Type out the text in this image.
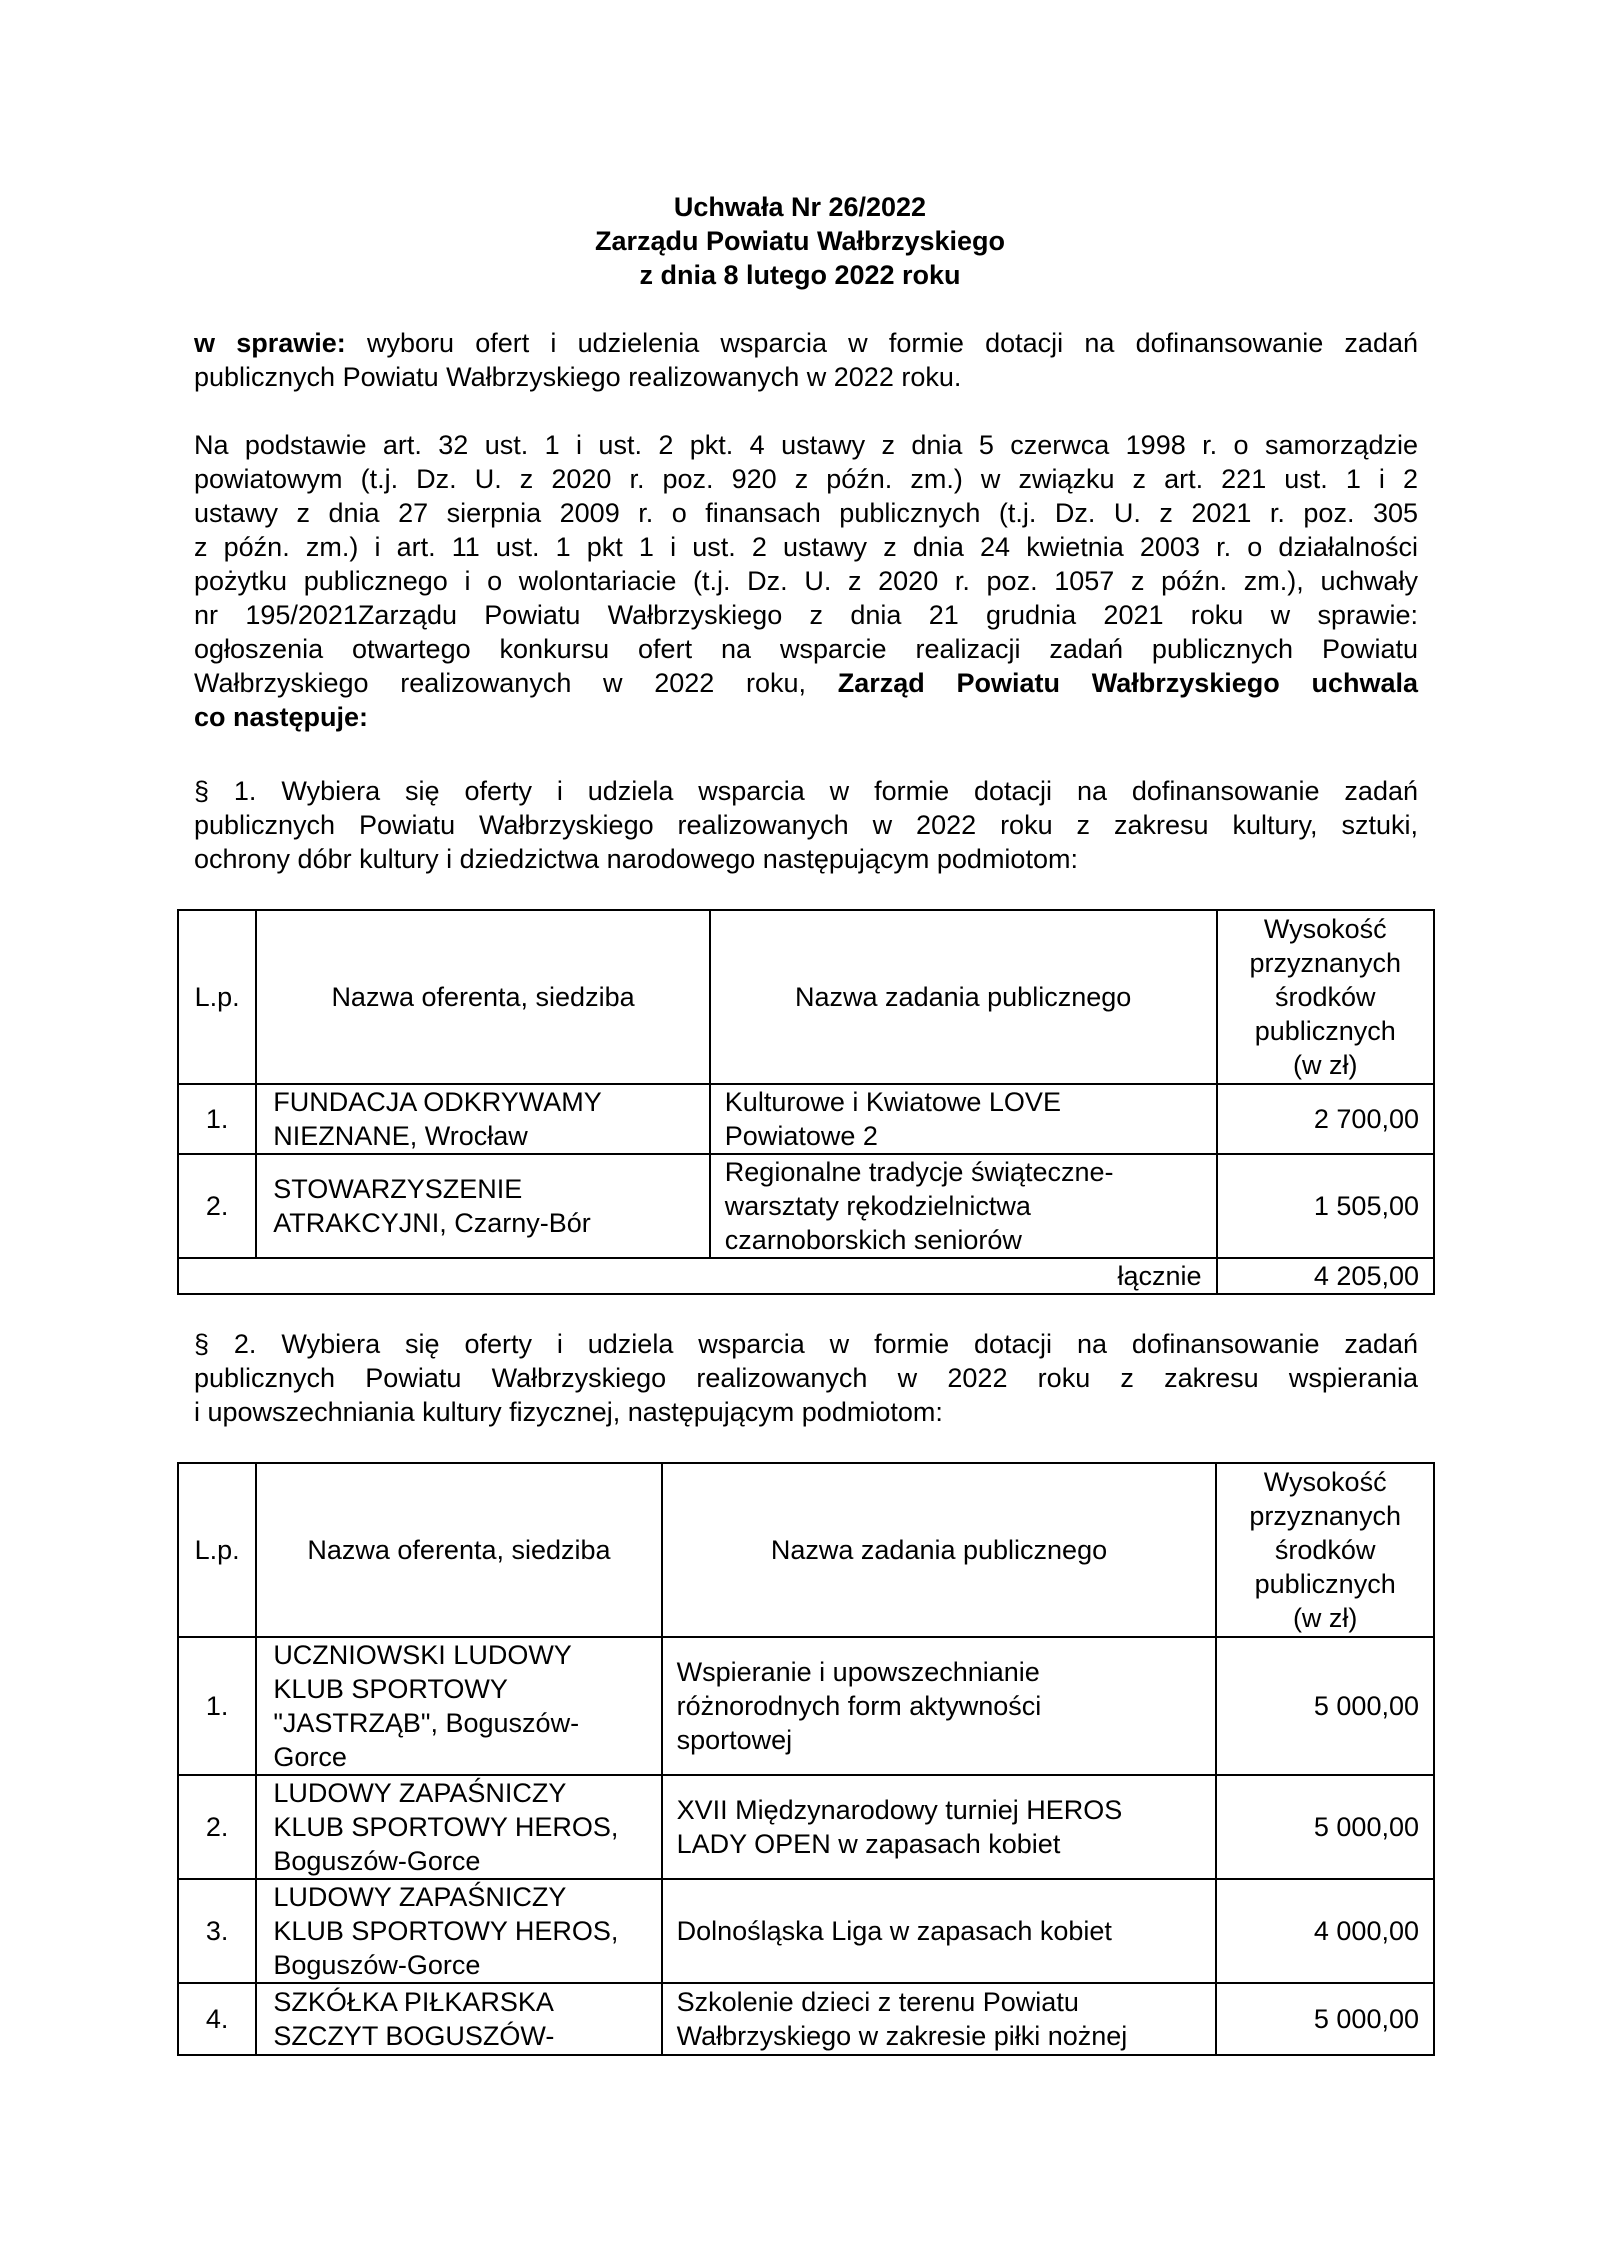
Uchwała Nr 26/2022
Zarządu Powiatu Wałbrzyskiego
z dnia 8 lutego 2022 roku
w sprawie: wyboru ofert i udzielenia wsparcia w formie dotacji na dofinansowanie zadań
publicznych Powiatu Wałbrzyskiego realizowanych w 2022 roku.
Na podstawie art. 32 ust. 1 i ust. 2 pkt. 4 ustawy z dnia 5 czerwca 1998 r. o samorządzie
powiatowym (t.j. Dz. U. z 2020 r. poz. 920 z późn. zm.) w związku z art. 221 ust. 1 i 2
ustawy z dnia 27 sierpnia 2009 r. o finansach publicznych (t.j. Dz. U. z 2021 r. poz. 305
z późn. zm.) i art. 11 ust. 1 pkt 1 i ust. 2 ustawy z dnia 24 kwietnia 2003 r. o działalności
pożytku publicznego i o wolontariacie (t.j. Dz. U. z 2020 r. poz. 1057 z późn. zm.), uchwały
nr 195/2021Zarządu Powiatu Wałbrzyskiego z dnia 21 grudnia 2021 roku w sprawie:
ogłoszenia otwartego konkursu ofert na wsparcie realizacji zadań publicznych Powiatu
Wałbrzyskiego realizowanych w 2022 roku, Zarząd Powiatu Wałbrzyskiego uchwala
co następuje:
§ 1. Wybiera się oferty i udziela wsparcia w formie dotacji na dofinansowanie zadań
publicznych Powiatu Wałbrzyskiego realizowanych w 2022 roku z zakresu kultury, sztuki,
ochrony dóbr kultury i dziedzictwa narodowego następującym podmiotom:
L.p.	Nazwa oferenta, siedziba	Nazwa zadania publicznego	Wysokość
przyznanych
środków
publicznych
(w zł)
1.	FUNDACJA ODKRYWAMY
NIEZNANE, Wrocław	Kulturowe i Kwiatowe LOVE
Powiatowe 2	2 700,00
2.	STOWARZYSZENIE
ATRAKCYJNI, Czarny-Bór	Regionalne tradycje świąteczne-
warsztaty rękodzielnictwa
czarnoborskich seniorów	1 505,00
łącznie			4 205,00
§ 2. Wybiera się oferty i udziela wsparcia w formie dotacji na dofinansowanie zadań
publicznych Powiatu Wałbrzyskiego realizowanych w 2022 roku z zakresu wspierania
i upowszechniania kultury fizycznej, następującym podmiotom:
L.p.	Nazwa oferenta, siedziba	Nazwa zadania publicznego	Wysokość
przyznanych
środków
publicznych
(w zł)
1.	UCZNIOWSKI LUDOWY
KLUB SPORTOWY
"JASTRZĄB", Boguszów-
Gorce	Wspieranie i upowszechnianie
różnorodnych form aktywności
sportowej	5 000,00
2.	LUDOWY ZAPAŚNICZY
KLUB SPORTOWY HEROS,
Boguszów-Gorce	XVII Międzynarodowy turniej HEROS
LADY OPEN w zapasach kobiet	5 000,00
3.	LUDOWY ZAPAŚNICZY
KLUB SPORTOWY HEROS,
Boguszów-Gorce	Dolnośląska Liga w zapasach kobiet	4 000,00
4.	SZKÓŁKA PIŁKARSKA
SZCZYT BOGUSZÓW-	Szkolenie dzieci z terenu Powiatu
Wałbrzyskiego w zakresie piłki nożnej	5 000,00
